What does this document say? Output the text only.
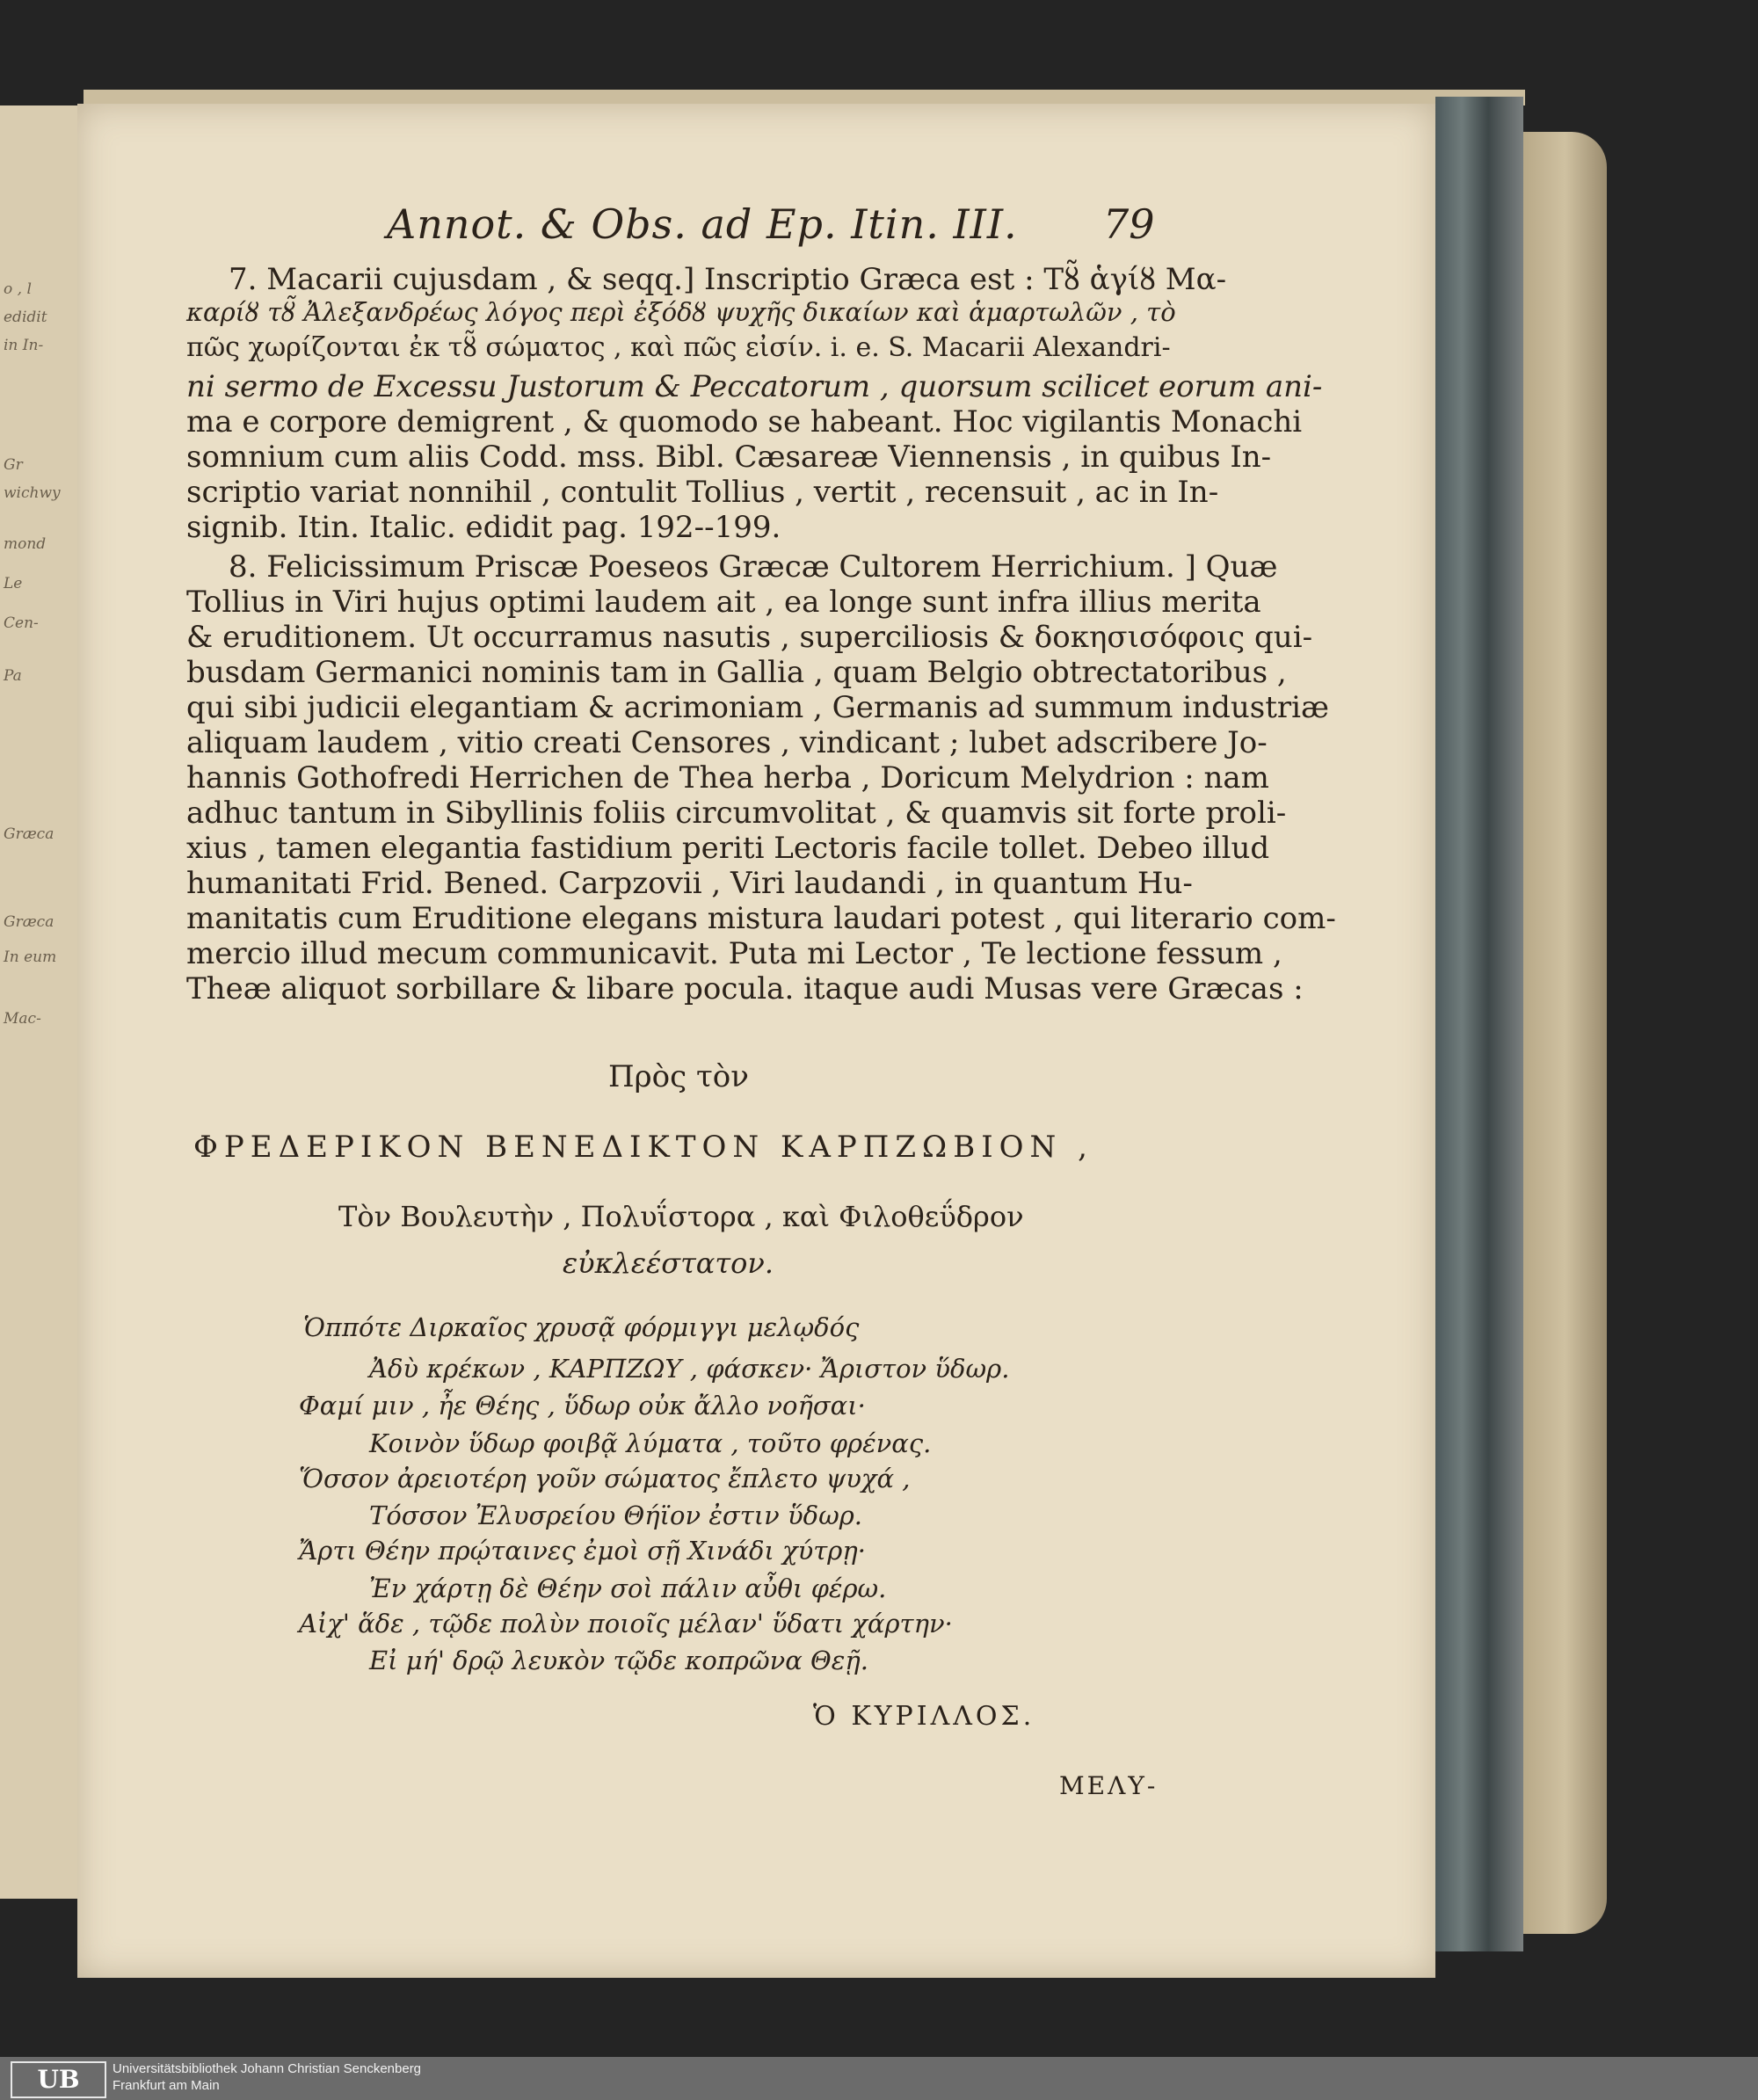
o , l
edidit
in In-
Gr
wichwy
mond
Le
Cen-
Pa
Græca
Græca
In eum
Mac-
Annot. & Obs. ad Ep. Itin. III. 79
7. Macarii cujusdam , & seqq.] Inscriptio Græca est : Τȣ̃ ἁγίȣ Μα-
καρίȣ τȣ̃ Ἀλεξανδρέως λόγος περὶ ἐξόδȣ ψυχῆς δικαίων καὶ ἁμαρτωλῶν , τὸ
πῶς χωρίζονται ἐκ τȣ̃ σώματος , καὶ πῶς εἰσίν. i. e. S. Macarii Alexandri-
ni sermo de Excessu Justorum & Peccatorum , quorsum scilicet eorum ani-
ma e corpore demigrent , & quomodo se habeant. Hoc vigilantis Monachi
somnium cum aliis Codd. mss. Bibl. Cæsareæ Viennensis , in quibus In-
scriptio variat nonnihil , contulit Tollius , vertit , recensuit , ac in In-
signib. Itin. Italic. edidit pag. 192--199.
8. Felicissimum Priscæ Poeseos Græcæ Cultorem Herrichium. ] Quæ
Tollius in Viri hujus optimi laudem ait , ea longe sunt infra illius merita
& eruditionem. Ut occurramus nasutis , superciliosis & δοκησισόφοις qui-
busdam Germanici nominis tam in Gallia , quam Belgio obtrectatoribus ,
qui sibi judicii elegantiam & acrimoniam , Germanis ad summum industriæ
aliquam laudem , vitio creati Censores , vindicant ; lubet adscribere Jo-
hannis Gothofredi Herrichen de Thea herba , Doricum Melydrion : nam
adhuc tantum in Sibyllinis foliis circumvolitat , & quamvis sit forte proli-
xius , tamen elegantia fastidium periti Lectoris facile tollet. Debeo illud
humanitati Frid. Bened. Carpzovii , Viri laudandi , in quantum Hu-
manitatis cum Eruditione elegans mistura laudari potest , qui literario com-
mercio illud mecum communicavit. Puta mi Lector , Te lectione fessum ,
Theæ aliquot sorbillare & libare pocula. itaque audi Musas vere Græcas :
Πρὸς τὸν
ΦΡΕΔΕΡΙΚΟΝ ΒΕΝΕΔΙΚΤΟΝ ΚΑΡΠΖΩΒΙΟΝ ,
Τὸν Βουλευτὴν , Πολυΐστορα , καὶ Φιλοθεΰδρον
εὐκλεέστατον.
Ὁππότε Διρκαῖος χρυσᾷ φόρμιγγι μελῳδός
Ἀδὺ κρέκων , ΚΑΡΠΖΩΥ , φάσκεν· Ἄριστον ὕδωρ.
Φαμί μιν , ἦε Θέης , ὕδωρ οὐκ ἄλλο νοῆσαι·
Κοινὸν ὕδωρ φοιβᾷ λύματα , τοῦτο φρένας.
Ὅσσον ἀρειοτέρη γοῦν σώματος ἔπλετο ψυχά ,
Τόσσον Ἐλυσρείου Θήϊον ἐστιν ὕδωρ.
Ἄρτι Θέην πρῴταινες ἐμοὶ σῇ Χινάδι χύτρῃ·
Ἐν χάρτῃ δὲ Θέην σοὶ πάλιν αὖθι φέρω.
Αἰχ' ἅδε , τῷδε πολὺν ποιοῖς μέλαν' ὕδατι χάρτην·
Εἰ μή' δρῷ λευκὸν τῷδε κοπρῶνα Θεῇ.
Ὁ ΚΥΡΙΛΛΟΣ.
ΜΕΛΥ-
UB	Universitätsbibliothek Johann Christian Senckenberg
Frankfurt am Main
